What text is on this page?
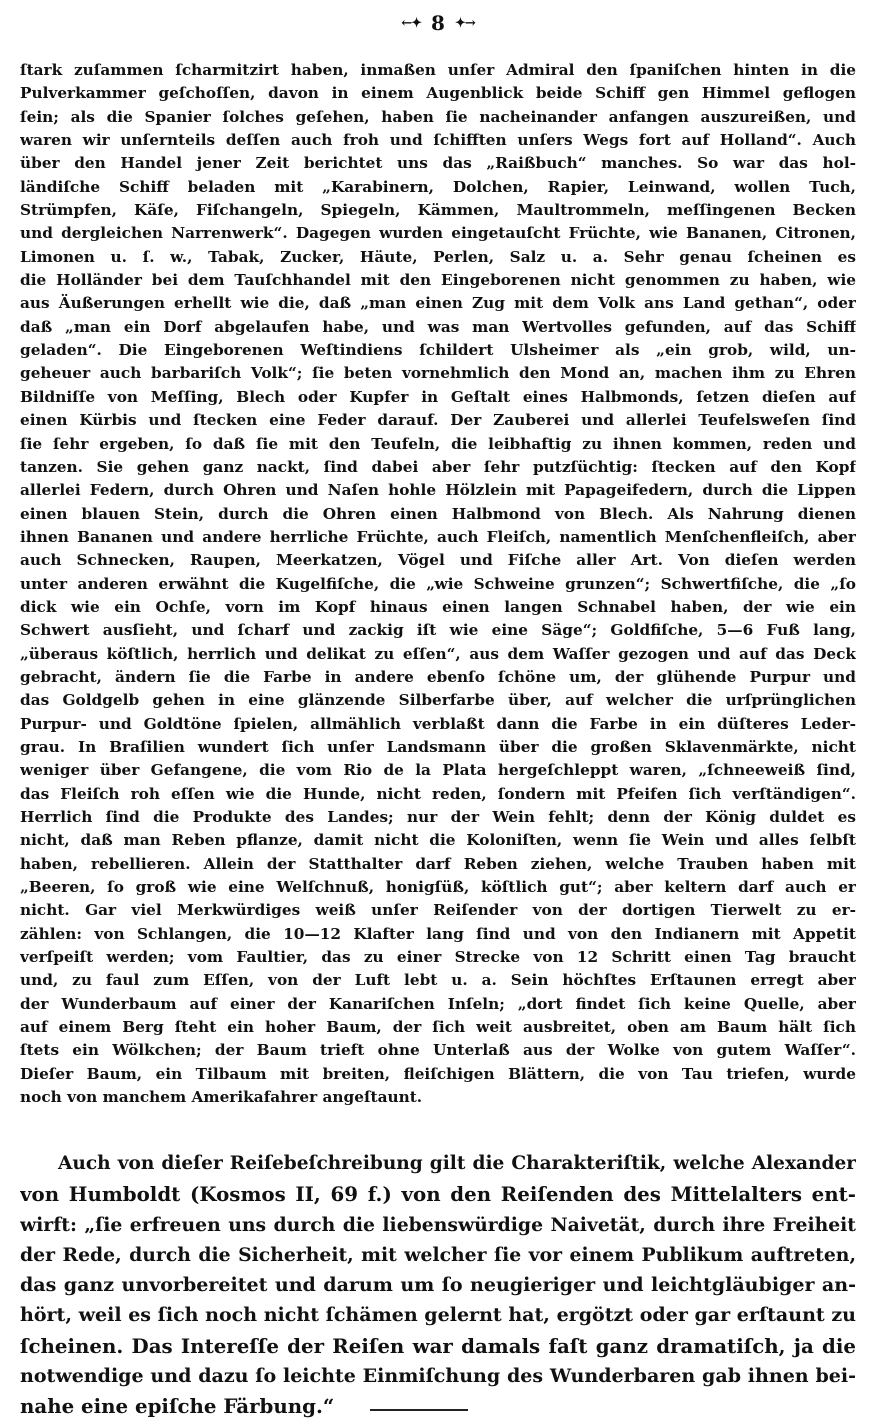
←✦ 8 ✦→
ſtark zuſammen ſcharmitzirt haben, inmaßen unſer Admiral den ſpaniſchen hinten in die
Pulverkammer geſchoſſen, davon in einem Augenblick beide Schiff gen Himmel geflogen
ſein; als die Spanier ſolches geſehen, haben ſie nacheinander anfangen auszureißen, und
waren wir unſernteils deſſen auch froh und ſchifften unſers Wegs fort auf Holland“. Auch
über den Handel jener Zeit berichtet uns das „Raißbuch“ manches. So war das hol-
ländiſche Schiff beladen mit „Karabinern, Dolchen, Rapier, Leinwand, wollen Tuch,
Strümpfen, Käſe, Fiſchangeln, Spiegeln, Kämmen, Maultrommeln, meſſingenen Becken
und dergleichen Narrenwerk“. Dagegen wurden eingetauſcht Früchte, wie Bananen, Citronen,
Limonen u. ſ. w., Tabak, Zucker, Häute, Perlen, Salz u. a. Sehr genau ſcheinen es
die Holländer bei dem Tauſchhandel mit den Eingeborenen nicht genommen zu haben, wie
aus Äußerungen erhellt wie die, daß „man einen Zug mit dem Volk ans Land gethan“, oder
daß „man ein Dorf abgelaufen habe, und was man Wertvolles gefunden, auf das Schiff
geladen“. Die Eingeborenen Weſtindiens ſchildert Ulsheimer als „ein grob, wild, un-
geheuer auch barbariſch Volk“; ſie beten vornehmlich den Mond an, machen ihm zu Ehren
Bildniſſe von Meſſing, Blech oder Kupfer in Geſtalt eines Halbmonds, ſetzen dieſen auf
einen Kürbis und ſtecken eine Feder darauf. Der Zauberei und allerlei Teufelsweſen ſind
ſie ſehr ergeben, ſo daß ſie mit den Teufeln, die leibhaftig zu ihnen kommen, reden und
tanzen. Sie gehen ganz nackt, ſind dabei aber ſehr putzſüchtig: ſtecken auf den Kopf
allerlei Federn, durch Ohren und Naſen hohle Hölzlein mit Papageifedern, durch die Lippen
einen blauen Stein, durch die Ohren einen Halbmond von Blech. Als Nahrung dienen
ihnen Bananen und andere herrliche Früchte, auch Fleiſch, namentlich Menſchenfleiſch, aber
auch Schnecken, Raupen, Meerkatzen, Vögel und Fiſche aller Art. Von dieſen werden
unter anderen erwähnt die Kugelfiſche, die „wie Schweine grunzen“; Schwertfiſche, die „ſo
dick wie ein Ochſe, vorn im Kopf hinaus einen langen Schnabel haben, der wie ein
Schwert ausſieht, und ſcharf und zackig iſt wie eine Säge“; Goldfiſche, 5—6 Fuß lang,
„überaus köſtlich, herrlich und delikat zu eſſen“, aus dem Waſſer gezogen und auf das Deck
gebracht, ändern ſie die Farbe in andere ebenſo ſchöne um, der glühende Purpur und
das Goldgelb gehen in eine glänzende Silberfarbe über, auf welcher die urſprünglichen
Purpur- und Goldtöne ſpielen, allmählich verblaßt dann die Farbe in ein düſteres Leder-
grau. In Braſilien wundert ſich unſer Landsmann über die großen Sklavenmärkte, nicht
weniger über Gefangene, die vom Rio de la Plata hergeſchleppt waren, „ſchneeweiß ſind,
das Fleiſch roh eſſen wie die Hunde, nicht reden, ſondern mit Pfeifen ſich verſtändigen“.
Herrlich ſind die Produkte des Landes; nur der Wein fehlt; denn der König duldet es
nicht, daß man Reben pflanze, damit nicht die Koloniſten, wenn ſie Wein und alles ſelbſt
haben, rebellieren. Allein der Statthalter darf Reben ziehen, welche Trauben haben mit
„Beeren, ſo groß wie eine Welſchnuß, honigſüß, köſtlich gut“; aber keltern darf auch er
nicht. Gar viel Merkwürdiges weiß unſer Reiſender von der dortigen Tierwelt zu er-
zählen: von Schlangen, die 10—12 Klafter lang ſind und von den Indianern mit Appetit
verſpeiſt werden; vom Faultier, das zu einer Strecke von 12 Schritt einen Tag braucht
und, zu faul zum Eſſen, von der Luft lebt u. a. Sein höchſtes Erſtaunen erregt aber
der Wunderbaum auf einer der Kanariſchen Inſeln; „dort findet ſich keine Quelle, aber
auf einem Berg ſteht ein hoher Baum, der ſich weit ausbreitet, oben am Baum hält ſich
ſtets ein Wölkchen; der Baum trieft ohne Unterlaß aus der Wolke von gutem Waſſer“.
Dieſer Baum, ein Tilbaum mit breiten, fleiſchigen Blättern, die von Tau triefen, wurde
noch von manchem Amerikafahrer angeſtaunt.
Auch von dieſer Reiſebeſchreibung gilt die Charakteriſtik, welche Alexander
von Humboldt (Kosmos II, 69 f.) von den Reiſenden des Mittelalters ent-
wirft: „ſie erfreuen uns durch die liebenswürdige Naivetät, durch ihre Freiheit
der Rede, durch die Sicherheit, mit welcher ſie vor einem Publikum auftreten,
das ganz unvorbereitet und darum um ſo neugieriger und leichtgläubiger an-
hört, weil es ſich noch nicht ſchämen gelernt hat, ergötzt oder gar erſtaunt zu
ſcheinen. Das Intereſſe der Reiſen war damals faſt ganz dramatiſch, ja die
notwendige und dazu ſo leichte Einmiſchung des Wunderbaren gab ihnen bei-
nahe eine epiſche Färbung.“
